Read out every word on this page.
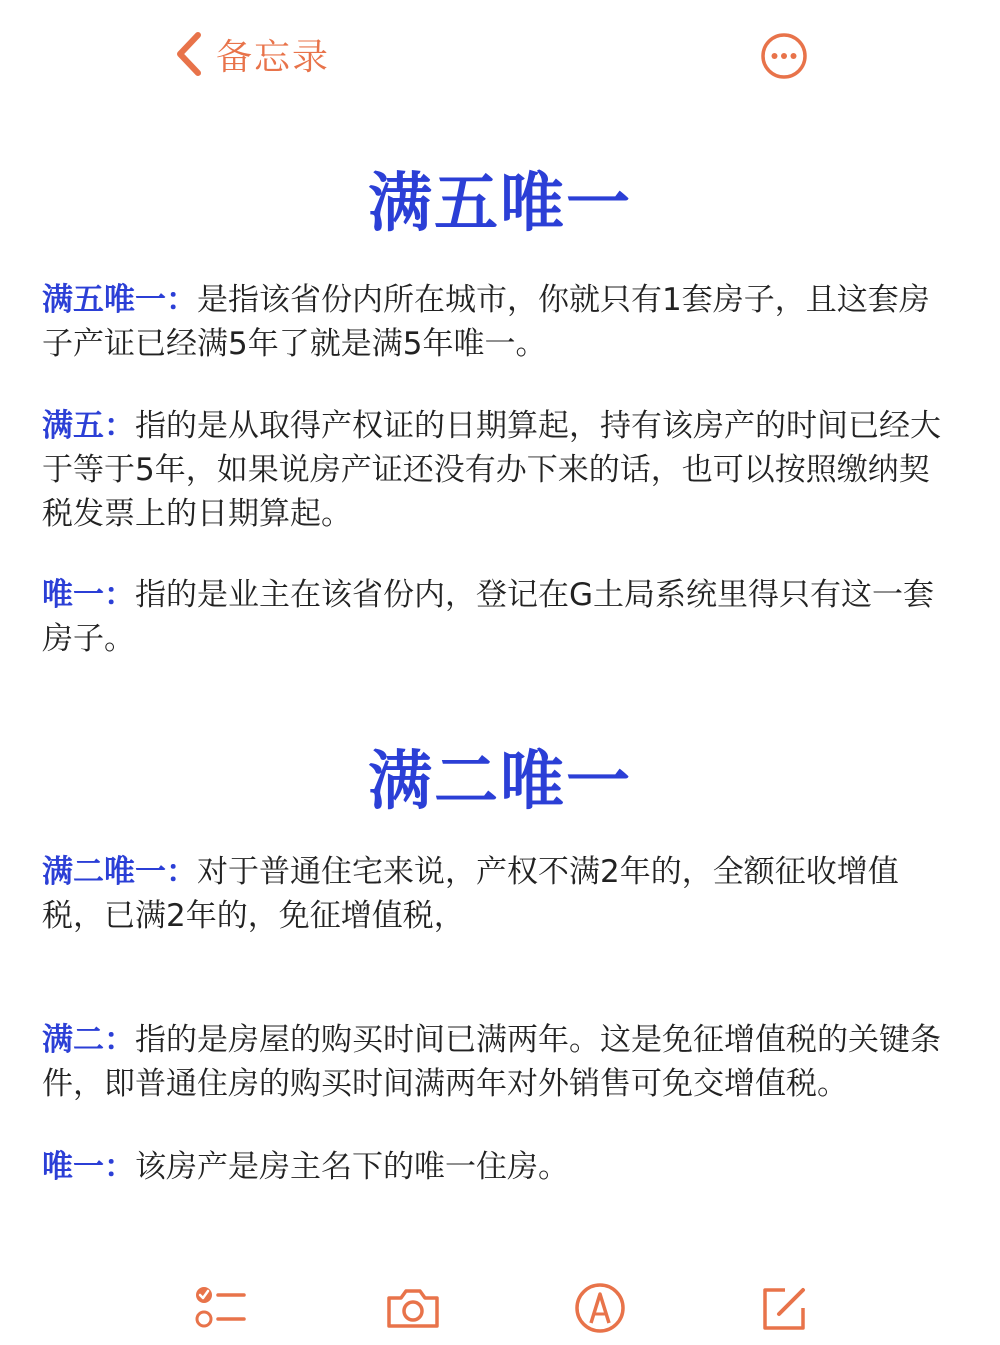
备忘录
满五唯一
满五唯一：是指该省份内所在城市，你就只有1套房子，且这套房子产证已经满5年了就是满5年唯一。
满五：指的是从取得产权证的日期算起，持有该房产的时间已经大于等于5年，如果说房产证还没有办下来的话，也可以按照缴纳契税发票上的日期算起。
唯一：指的是业主在该省份内，登记在G土局系统里得只有这一套房子。
满二唯一
满二唯一：对于普通住宅来说，产权不满2年的，全额征收增值税，已满2年的，免征增值税，
满二：指的是房屋的购买时间已满两年。这是免征增值税的关键条件，即普通住房的购买时间满两年对外销售可免交增值税。
唯一：该房产是房主名下的唯一住房。
